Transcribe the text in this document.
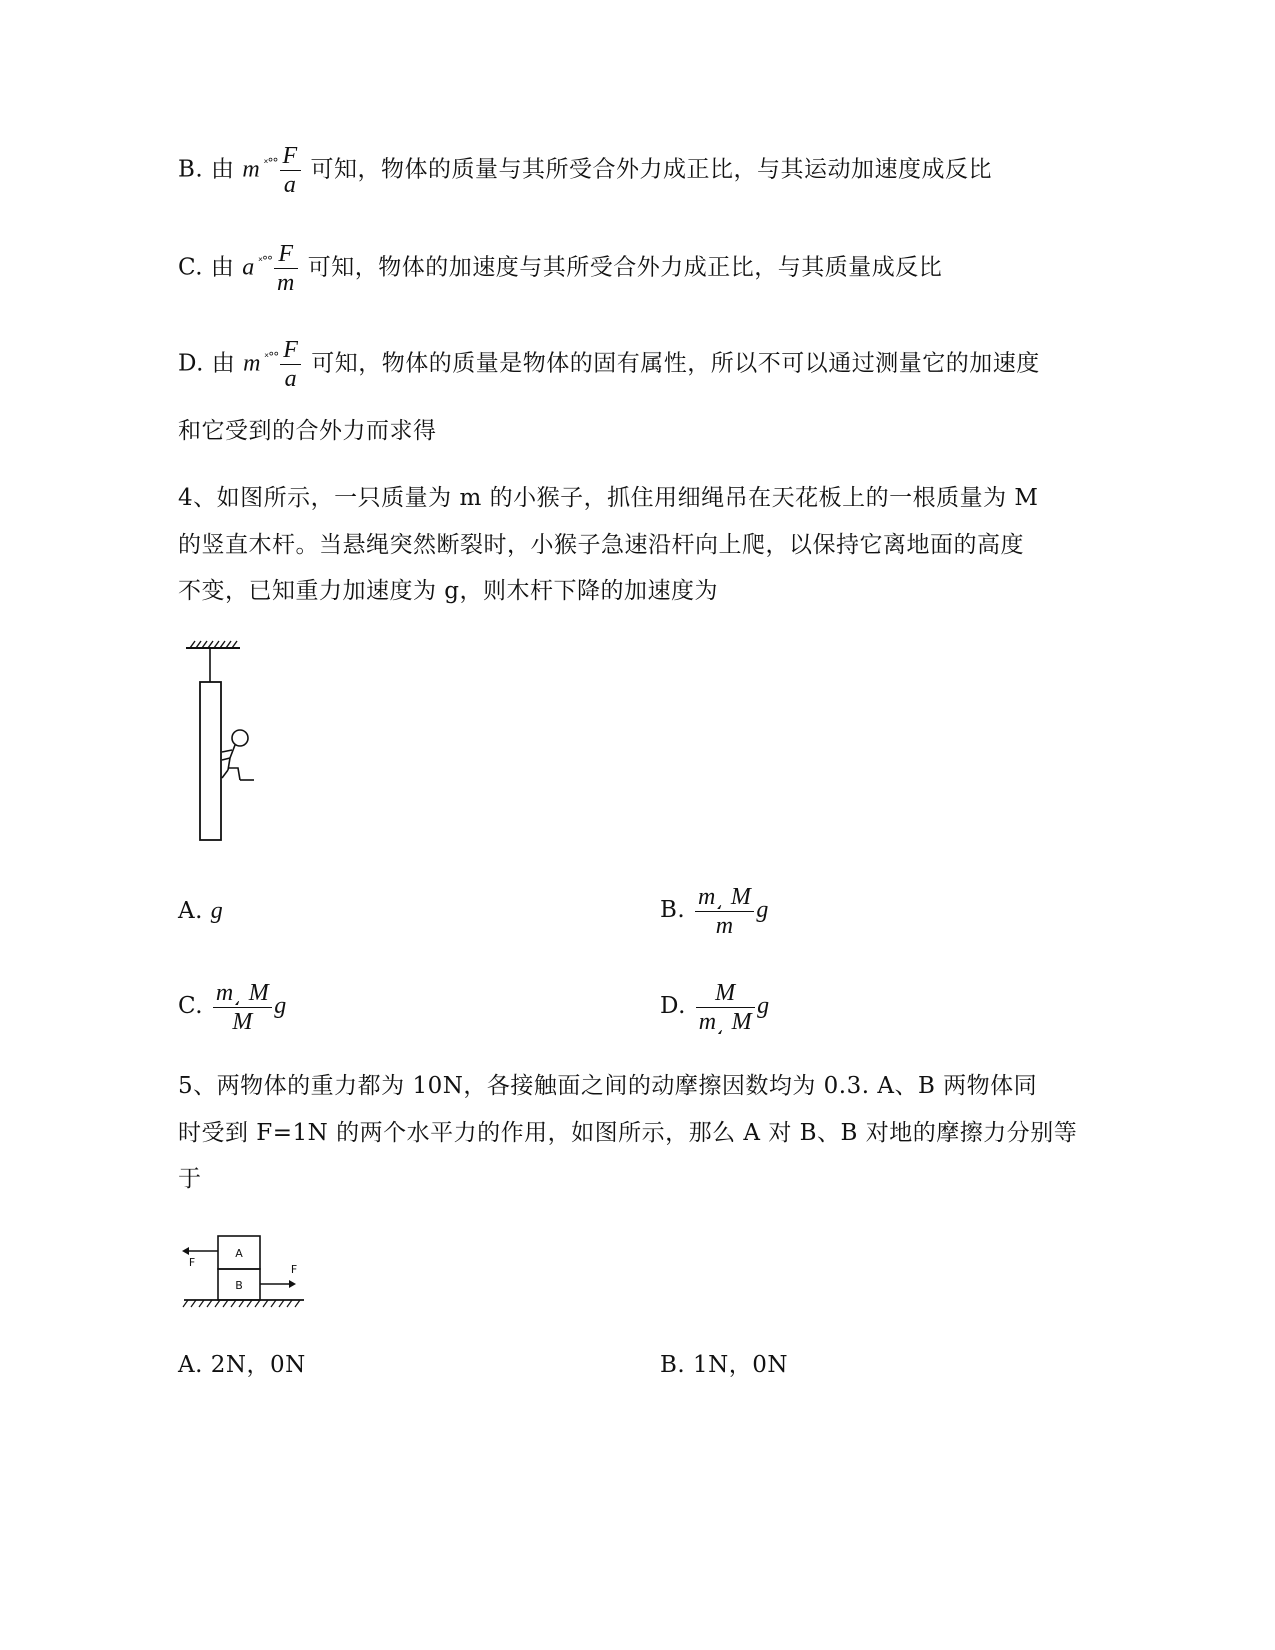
B. 由 m $^{ˣ^\circ^\circ} \frac{F}{a}$ 可知，物体的质量与其所受合外力成正比，与其运动加速度成反比
C. 由 a $^{ˣ^\circ^\circ} \frac{F}{m}$ 可知，物体的加速度与其所受合外力成正比，与其质量成反比
D. 由 m $^{ˣ^\circ^\circ} \frac{F}{a}$ 可知，物体的质量是物体的固有属性，所以不可以通过测量它的加速度
和它受到的合外力而求得
4、如图所示，一只质量为 m 的小猴子，抓住用细绳吊在天花板上的一根质量为 M
的竖直木杆。当悬绳突然断裂时，小猴子急速沿杆向上爬，以保持它离地面的高度
不变，已知重力加速度为 g，则木杆下降的加速度为
A. g	B. $\frac{m͵ M}{m}$ g
C. $\frac{m͵ M}{M}$ g	D. $\frac{M}{m͵ M}$ g
5、两物体的重力都为 10N，各接触面之间的动摩擦因数均为 0.3. A、B 两物体同
时受到 F=1N 的两个水平力的作用，如图所示，那么 A 对 B、B 对地的摩擦力分别等
于
A
B
F
F
A. 2N，0N	B. 1N，0N
